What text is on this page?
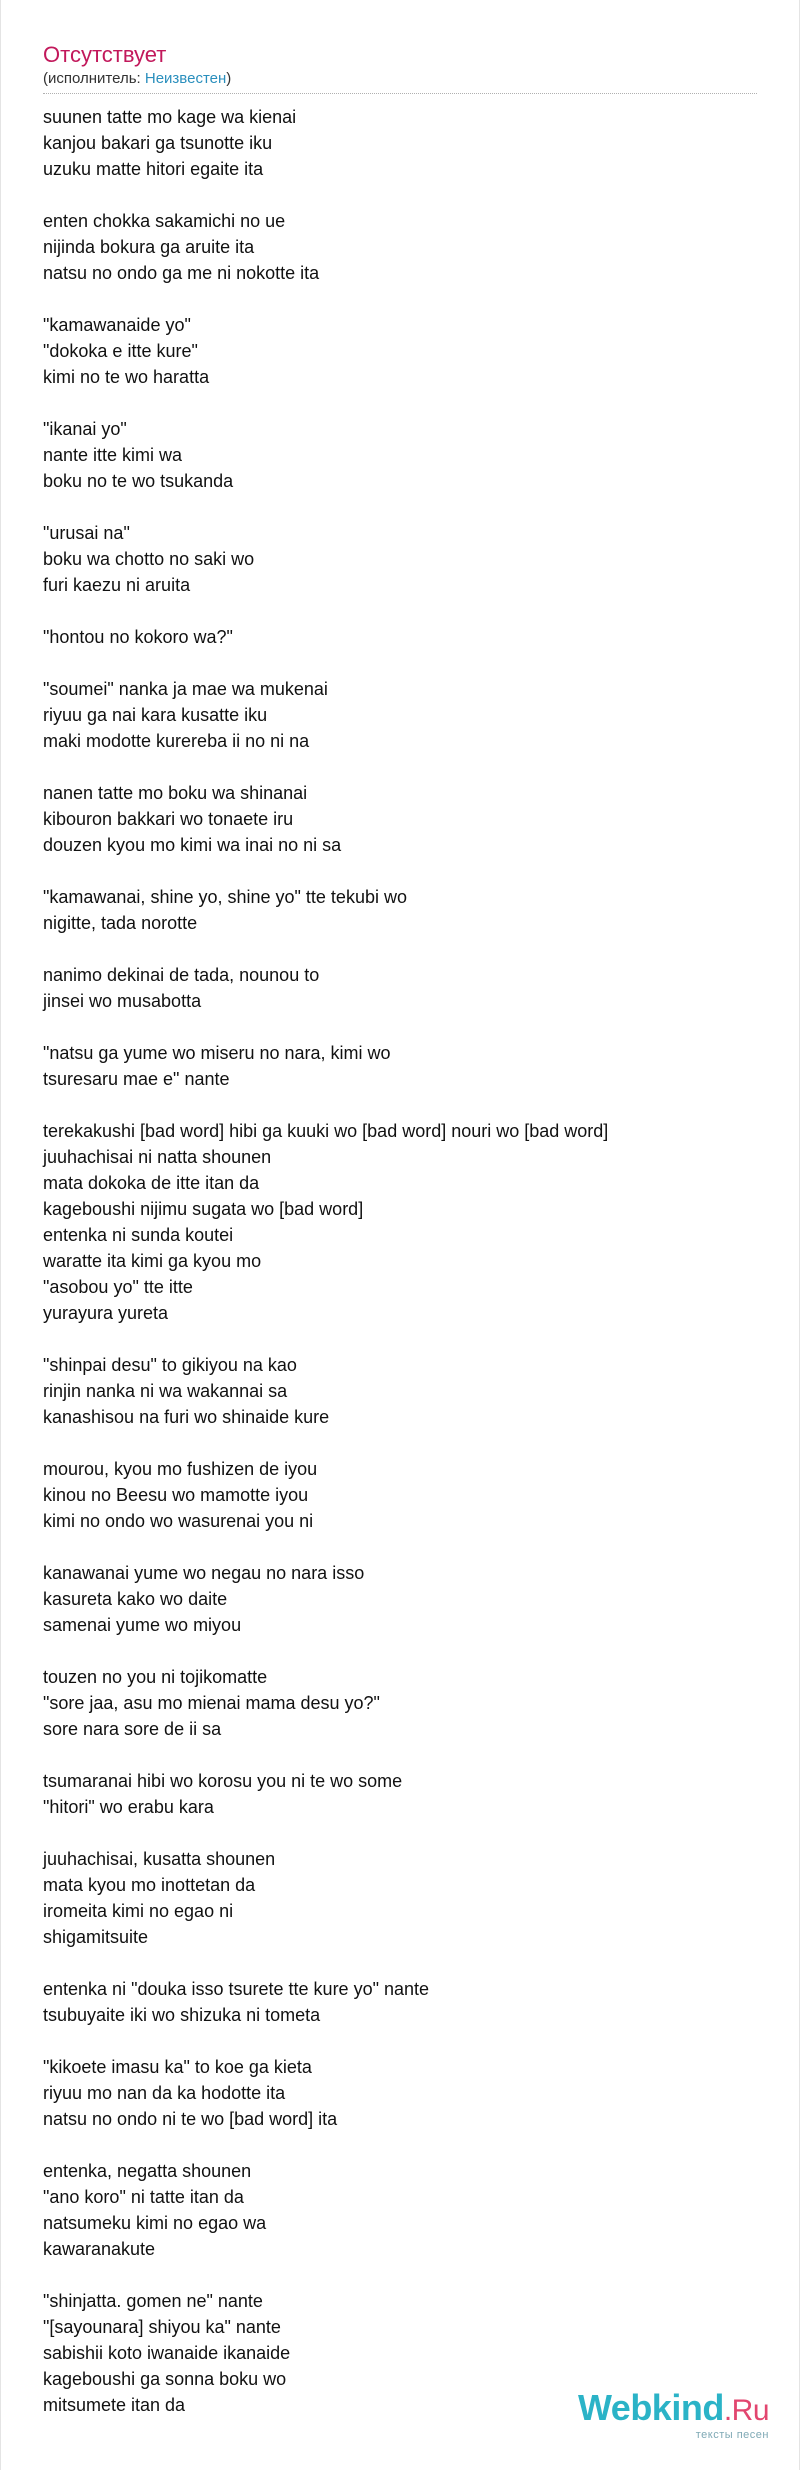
Отсутствует
(исполнитель: Неизвестен)
suunen tatte mo kage wa kienai
kanjou bakari ga tsunotte iku
uzuku matte hitori egaite ita
enten chokka sakamichi no ue
nijinda bokura ga aruite ita
natsu no ondo ga me ni nokotte ita
"kamawanaide yo"
"dokoka e itte kure"
kimi no te wo haratta
"ikanai yo"
nante itte kimi wa
boku no te wo tsukanda
"urusai na"
boku wa chotto no saki wo
furi kaezu ni aruita
"hontou no kokoro wa?"
"soumei" nanka ja mae wa mukenai
riyuu ga nai kara kusatte iku
maki modotte kurereba ii no ni na
nanen tatte mo boku wa shinanai
kibouron bakkari wo tonaete iru
douzen kyou mo kimi wa inai no ni sa
"kamawanai, shine yo, shine yo" tte tekubi wo
nigitte, tada norotte
nanimo dekinai de tada, nounou to
jinsei wo musabotta
"natsu ga yume wo miseru no nara, kimi wo
tsuresaru mae e" nante
terekakushi [bad word] hibi ga kuuki wo [bad word] nouri wo [bad word]
juuhachisai ni natta shounen
mata dokoka de itte itan da
kageboushi nijimu sugata wo [bad word]
entenka ni sunda koutei
waratte ita kimi ga kyou mo
"asobou yo" tte itte
yurayura yureta
"shinpai desu" to gikiyou na kao
rinjin nanka ni wa wakannai sa
kanashisou na furi wo shinaide kure
mourou, kyou mo fushizen de iyou
kinou no Beesu wo mamotte iyou
kimi no ondo wo wasurenai you ni
kanawanai yume wo negau no nara isso
kasureta kako wo daite
samenai yume wo miyou
touzen no you ni tojikomatte
"sore jaa, asu mo mienai mama desu yo?"
sore nara sore de ii sa
tsumaranai hibi wo korosu you ni te wo some
"hitori" wo erabu kara
juuhachisai, kusatta shounen
mata kyou mo inottetan da
iromeita kimi no egao ni
shigamitsuite
entenka ni "douka isso tsurete tte kure yo" nante
tsubuyaite iki wo shizuka ni tometa
"kikoete imasu ka" to koe ga kieta
riyuu mo nan da ka hodotte ita
natsu no ondo ni te wo [bad word] ita
entenka, negatta shounen
"ano koro" ni tatte itan da
natsumeku kimi no egao wa
kawaranakute
"shinjatta. gomen ne" nante
"[sayounara] shiyou ka" nante
sabishii koto iwanaide ikanaide
kageboushi ga sonna boku wo
mitsumete itan da	Webkind.Ru
тексты песен
